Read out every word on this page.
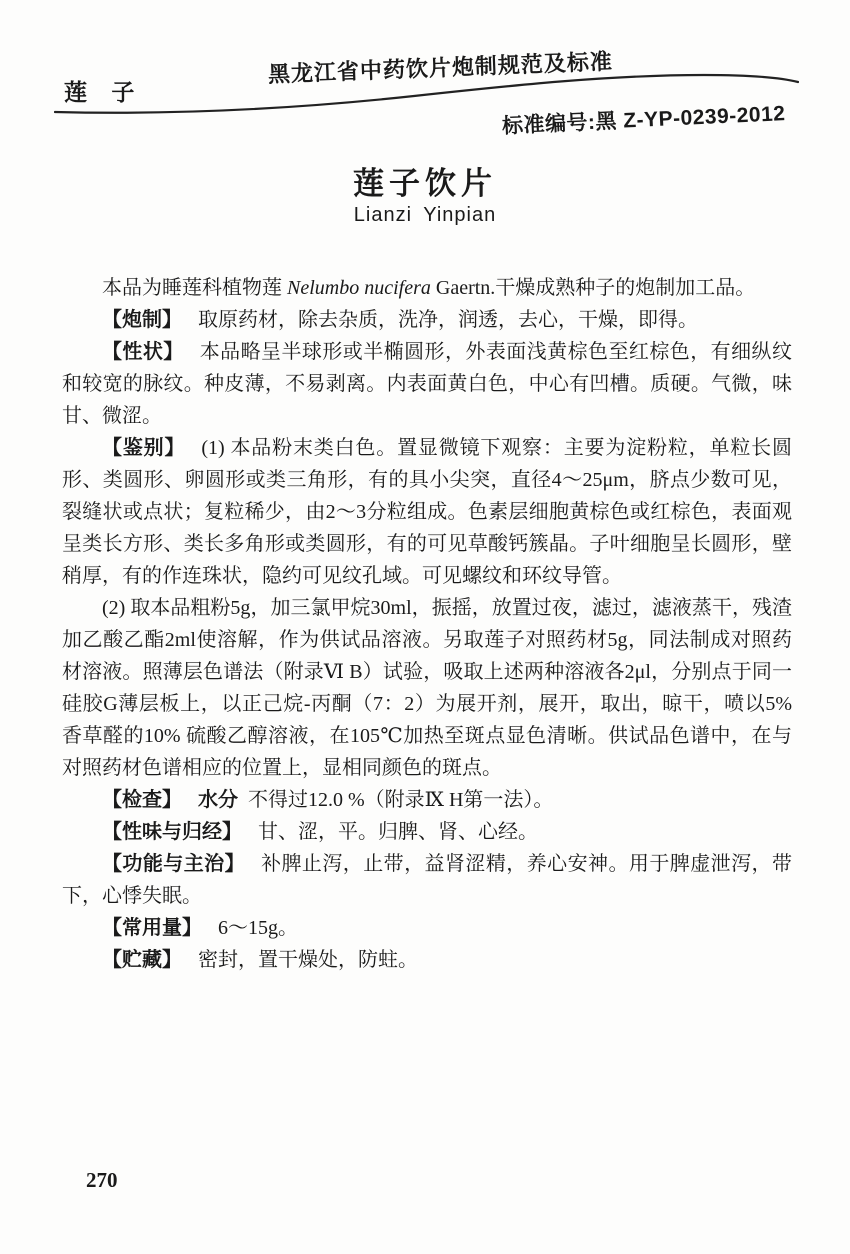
莲 子
黑龙江省中药饮片炮制规范及标准
标准编号:黑 Z-YP-0239-2012
莲子饮片
Lianzi Yinpian

本品为睡莲科植物莲 Nelumbo nucifera Gaertn.干燥成熟种子的炮制加工品。

【炮制】 取原药材，除去杂质，洗净，润透，去心，干燥，即得。

【性状】 本品略呈半球形或半椭圆形，外表面浅黄棕色至红棕色，有细纵纹和较宽的脉纹。种皮薄，不易剥离。内表面黄白色，中心有凹槽。质硬。气微，味甘、微涩。

【鉴别】 (1) 本品粉末类白色。置显微镜下观察：主要为淀粉粒，单粒长圆形、类圆形、卵圆形或类三角形，有的具小尖突，直径4～25μm，脐点少数可见，裂缝状或点状；复粒稀少，由2～3分粒组成。色素层细胞黄棕色或红棕色，表面观呈类长方形、类长多角形或类圆形，有的可见草酸钙簇晶。子叶细胞呈长圆形，壁稍厚，有的作连珠状，隐约可见纹孔域。可见螺纹和环纹导管。

(2) 取本品粗粉5g，加三氯甲烷30ml，振摇，放置过夜，滤过，滤液蒸干，残渣加乙酸乙酯2ml使溶解，作为供试品溶液。另取莲子对照药材5g，同法制成对照药材溶液。照薄层色谱法（附录Ⅵ B）试验，吸取上述两种溶液各2μl，分别点于同一硅胶G薄层板上，以正己烷-丙酮（7：2）为展开剂，展开，取出，晾干，喷以5% 香草醛的10% 硫酸乙醇溶液，在105℃加热至斑点显色清晰。供试品色谱中，在与对照药材色谱相应的位置上，显相同颜色的斑点。

【检查】 水分 不得过12.0 %（附录Ⅸ H第一法）。

【性味与归经】 甘、涩，平。归脾、肾、心经。

【功能与主治】 补脾止泻，止带，益肾涩精，养心安神。用于脾虚泄泻，带下，心悸失眠。

【常用量】 6～15g。

【贮藏】 密封，置干燥处，防蛀。

270
